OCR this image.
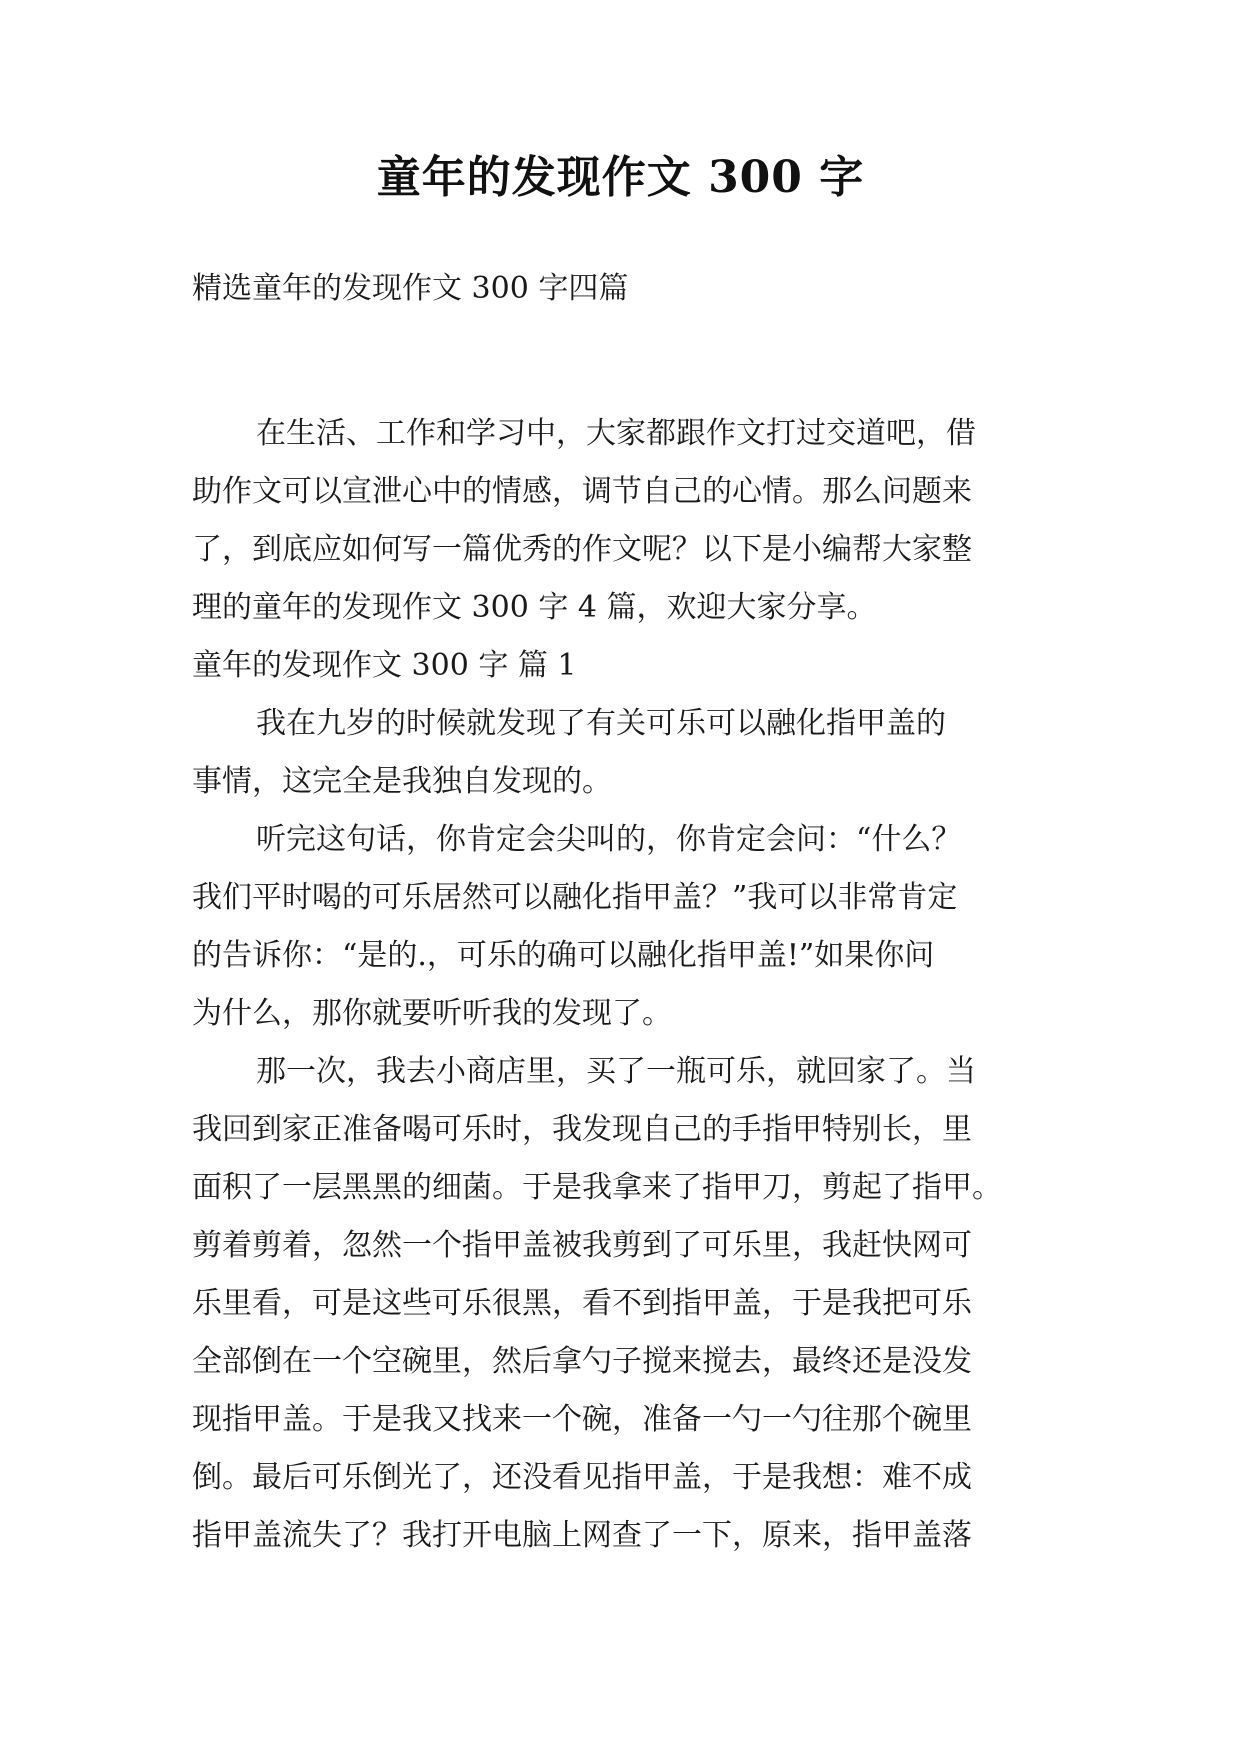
童年的发现作文 300 字
精选童年的发现作文 300 字四篇
在生活、工作和学习中，大家都跟作文打过交道吧，借
助作文可以宣泄心中的情感，调节自己的心情。那么问题来
了，到底应如何写一篇优秀的作文呢？以下是小编帮大家整
理的童年的发现作文 300 字 4 篇，欢迎大家分享。
童年的发现作文 300 字 篇 1
我在九岁的时候就发现了有关可乐可以融化指甲盖的
事情，这完全是我独自发现的。
听完这句话，你肯定会尖叫的，你肯定会问：“什么？
我们平时喝的可乐居然可以融化指甲盖？”我可以非常肯定
的告诉你：“是的.，可乐的确可以融化指甲盖!”如果你问
为什么，那你就要听听我的发现了。
那一次，我去小商店里，买了一瓶可乐，就回家了。当
我回到家正准备喝可乐时，我发现自己的手指甲特别长，里
面积了一层黑黑的细菌。于是我拿来了指甲刀，剪起了指甲。
剪着剪着，忽然一个指甲盖被我剪到了可乐里，我赶快网可
乐里看，可是这些可乐很黑，看不到指甲盖，于是我把可乐
全部倒在一个空碗里，然后拿勺子搅来搅去，最终还是没发
现指甲盖。于是我又找来一个碗，准备一勺一勺往那个碗里
倒。最后可乐倒光了，还没看见指甲盖，于是我想：难不成
指甲盖流失了？我打开电脑上网查了一下，原来，指甲盖落
